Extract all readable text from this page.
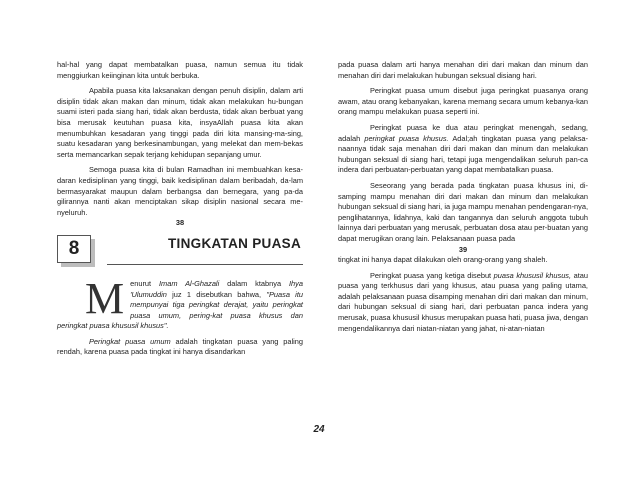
hal-hal yang dapat membatalkan puasa, namun semua itu tidak menggiurkan keiinginan kita untuk berbuka.

Apabila puasa kita laksanakan dengan penuh disiplin, dalam arti disiplin tidak akan makan dan minum, tidak akan melakukan hu-bungan suami isteri pada siang hari, tidak akan berdusta, tidak akan berbuat yang bisa merusak keutuhan puasa kita, insyaAllah puasa kita akan menumbuhkan kesadaran yang tinggi pada diri kita mansing-ma-sing, suatu kesadaran yang berkesinambungan, yang melekat dan mem-bekas serta memancarkan sepak terjang kehidupan sepanjang umur.

Semoga puasa kita di bulan Ramadhan ini membuahkan kesa-daran kedisiplinan yang tinggi, baik kedisiplinan dalam beribadah, da-lam bermasyarakat maupun dalam berbangsa dan bernegara, yang pa-da gilirannya nanti akan menciptakan sikap disiplin nasional secara me-nyeluruh.

38

8	TINGKATAN PUASA

Menurut Imam Al-Ghazali dalam ktabnya Ihya 'Ulumuddin juz 1 disebutkan bahwa, "Puasa itu mempunyai tiga peringkat derajat, yaitu peringkat puasa umum, pering-kat puasa khusus dan peringkat puasa khususil khusus".

Peringkat puasa umum adalah tingkatan puasa yang paling rendah, karena puasa pada tingkat ini hanya disandarkan

pada puasa dalam arti hanya menahan diri dari makan dan minum dan menahan diri dari melakukan hubungan seksual disiang hari.

Peringkat puasa umum disebut juga peringkat puasanya orang awam, atau orang kebanyakan, karena memang secara umum kebanya-kan orang mampu melakukan puasa seperti ini.

Peringkat puasa ke dua atau peringkat menengah, sedang, adalah peringkat puasa khusus. Adal;ah tingkatan puasa yang pelaksa-naannya tidak saja menahan diri dari makan dan minum dan melakukan hubungan seksual di siang hari, tetapi juga mengendalikan seluruh pan-ca indera dari perbuatan-perbuatan yang dapat membatalkan puasa.

Seseorang yang berada pada tingkatan puasa khusus ini, di-samping mampu menahan diri dari makan dan minum dan melakukan hubungan seksual di siang hari, ia juga mampu menahan pendengaran-nya, penglihatannya, lidahnya, kaki dan tangannya dan seluruh anggota tubuh lainnya dari perbuatan yang merusak, perbuatan dosa atau per-buatan yang dapat merugikan orang lain. Pelaksanaan puasa pada

39

tingkat ini hanya dapat dilakukan oleh orang-orang yang shaleh.

Peringkat puasa yang ketiga disebut puasa khususil khusus, atau puasa yang terkhusus dari yang khusus, atau puasa yang paling utama, adalah pelaksanaan puasa disamping menahan diri dari makan dan minum, dari hubungan seksual di siang hari, dari perbuatan panca indera yang merusak, puasa khususil khusus merupakan puasa hati, puasa jiwa, dengan mengendalikannya dari niatan-niatan yang jahat, ni-atan-niatan

24
